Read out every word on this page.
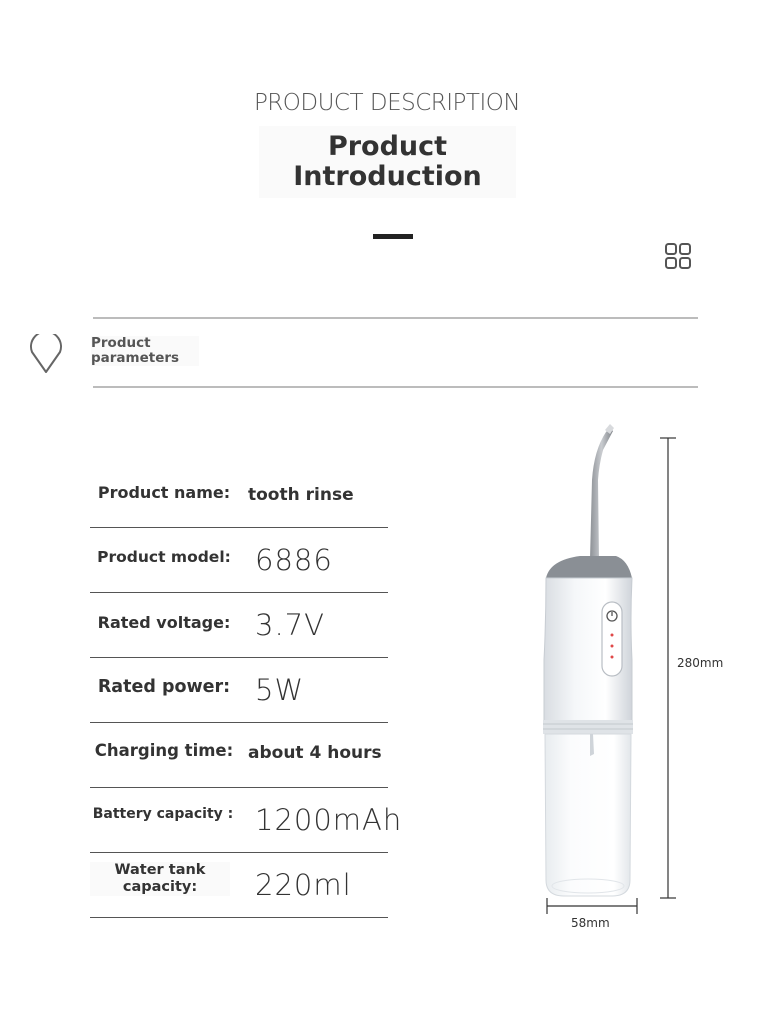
PRODUCT DESCRIPTION
Product
Introduction
Product
parameters
Product name:	tooth rinse
Product model: 6886
Rated voltage: 3.7V
Rated power: 5W
Charging time: about 4 hours
Battery capacity : 1200mAh
Water tank
capacity:	220ml
280mm
58mm
